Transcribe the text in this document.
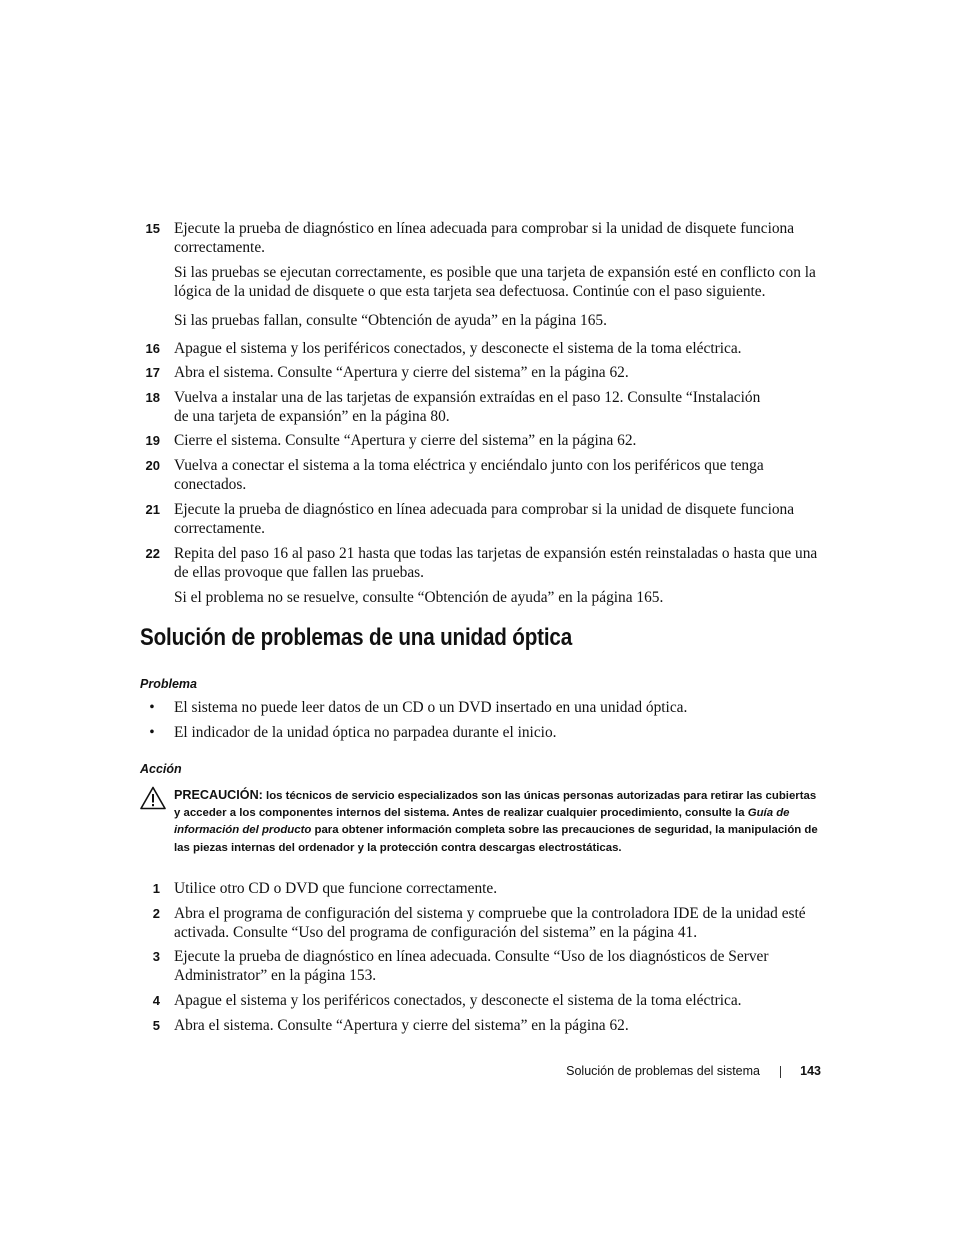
15 Ejecute la prueba de diagnóstico en línea adecuada para comprobar si la unidad de disquete funciona correctamente.
Si las pruebas se ejecutan correctamente, es posible que una tarjeta de expansión esté en conflicto con la lógica de la unidad de disquete o que esta tarjeta sea defectuosa. Continúe con el paso siguiente.
Si las pruebas fallan, consulte “Obtención de ayuda” en la página 165.
16 Apague el sistema y los periféricos conectados, y desconecte el sistema de la toma eléctrica.
17 Abra el sistema. Consulte “Apertura y cierre del sistema” en la página 62.
18 Vuelva a instalar una de las tarjetas de expansión extraídas en el paso 12. Consulte “Instalación de una tarjeta de expansión” en la página 80.
19 Cierre el sistema. Consulte “Apertura y cierre del sistema” en la página 62.
20 Vuelva a conectar el sistema a la toma eléctrica y enciéndalo junto con los periféricos que tenga conectados.
21 Ejecute la prueba de diagnóstico en línea adecuada para comprobar si la unidad de disquete funciona correctamente.
22 Repita del paso 16 al paso 21 hasta que todas las tarjetas de expansión estén reinstaladas o hasta que una de ellas provoque que fallen las pruebas.
Si el problema no se resuelve, consulte “Obtención de ayuda” en la página 165.
Solución de problemas de una unidad óptica
Problema
•	El sistema no puede leer datos de un CD o un DVD insertado en una unidad óptica.
•	El indicador de la unidad óptica no parpadea durante el inicio.
Acción
PRECAUCIÓN: los técnicos de servicio especializados son las únicas personas autorizadas para retirar las cubiertas y acceder a los componentes internos del sistema. Antes de realizar cualquier procedimiento, consulte la Guía de información del producto para obtener información completa sobre las precauciones de seguridad, la manipulación de las piezas internas del ordenador y la protección contra descargas electrostáticas.
1 Utilice otro CD o DVD que funcione correctamente.
2 Abra el programa de configuración del sistema y compruebe que la controladora IDE de la unidad esté activada. Consulte “Uso del programa de configuración del sistema” en la página 41.
3 Ejecute la prueba de diagnóstico en línea adecuada. Consulte “Uso de los diagnósticos de Server Administrator” en la página 153.
4 Apague el sistema y los periféricos conectados, y desconecte el sistema de la toma eléctrica.
5 Abra el sistema. Consulte “Apertura y cierre del sistema” en la página 62.
Solución de problemas del sistema	143
